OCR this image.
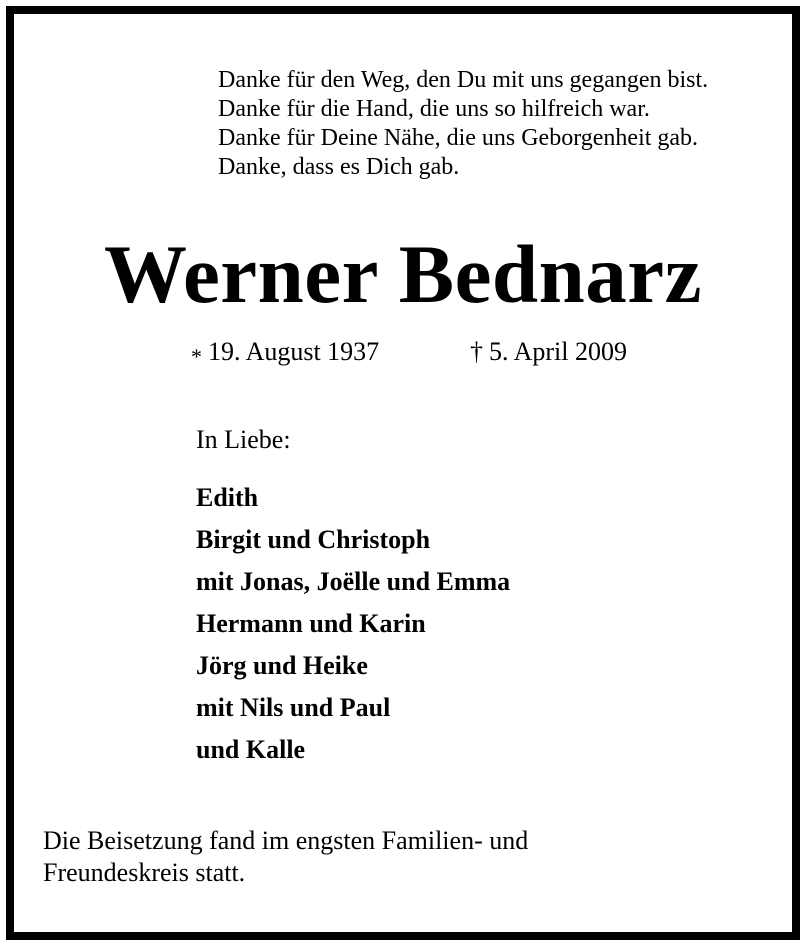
Danke für den Weg, den Du mit uns gegangen bist.
Danke für die Hand, die uns so hilfreich war.
Danke für Deine Nähe, die uns Geborgenheit gab.
Danke, dass es Dich gab.
Werner Bednarz
* 19. August 1937	† 5. April 2009
In Liebe:
Edith
Birgit und Christoph
mit Jonas, Joëlle und Emma
Hermann und Karin
Jörg und Heike
mit Nils und Paul
und Kalle
Die Beisetzung fand im engsten Familien- und
Freundeskreis statt.
